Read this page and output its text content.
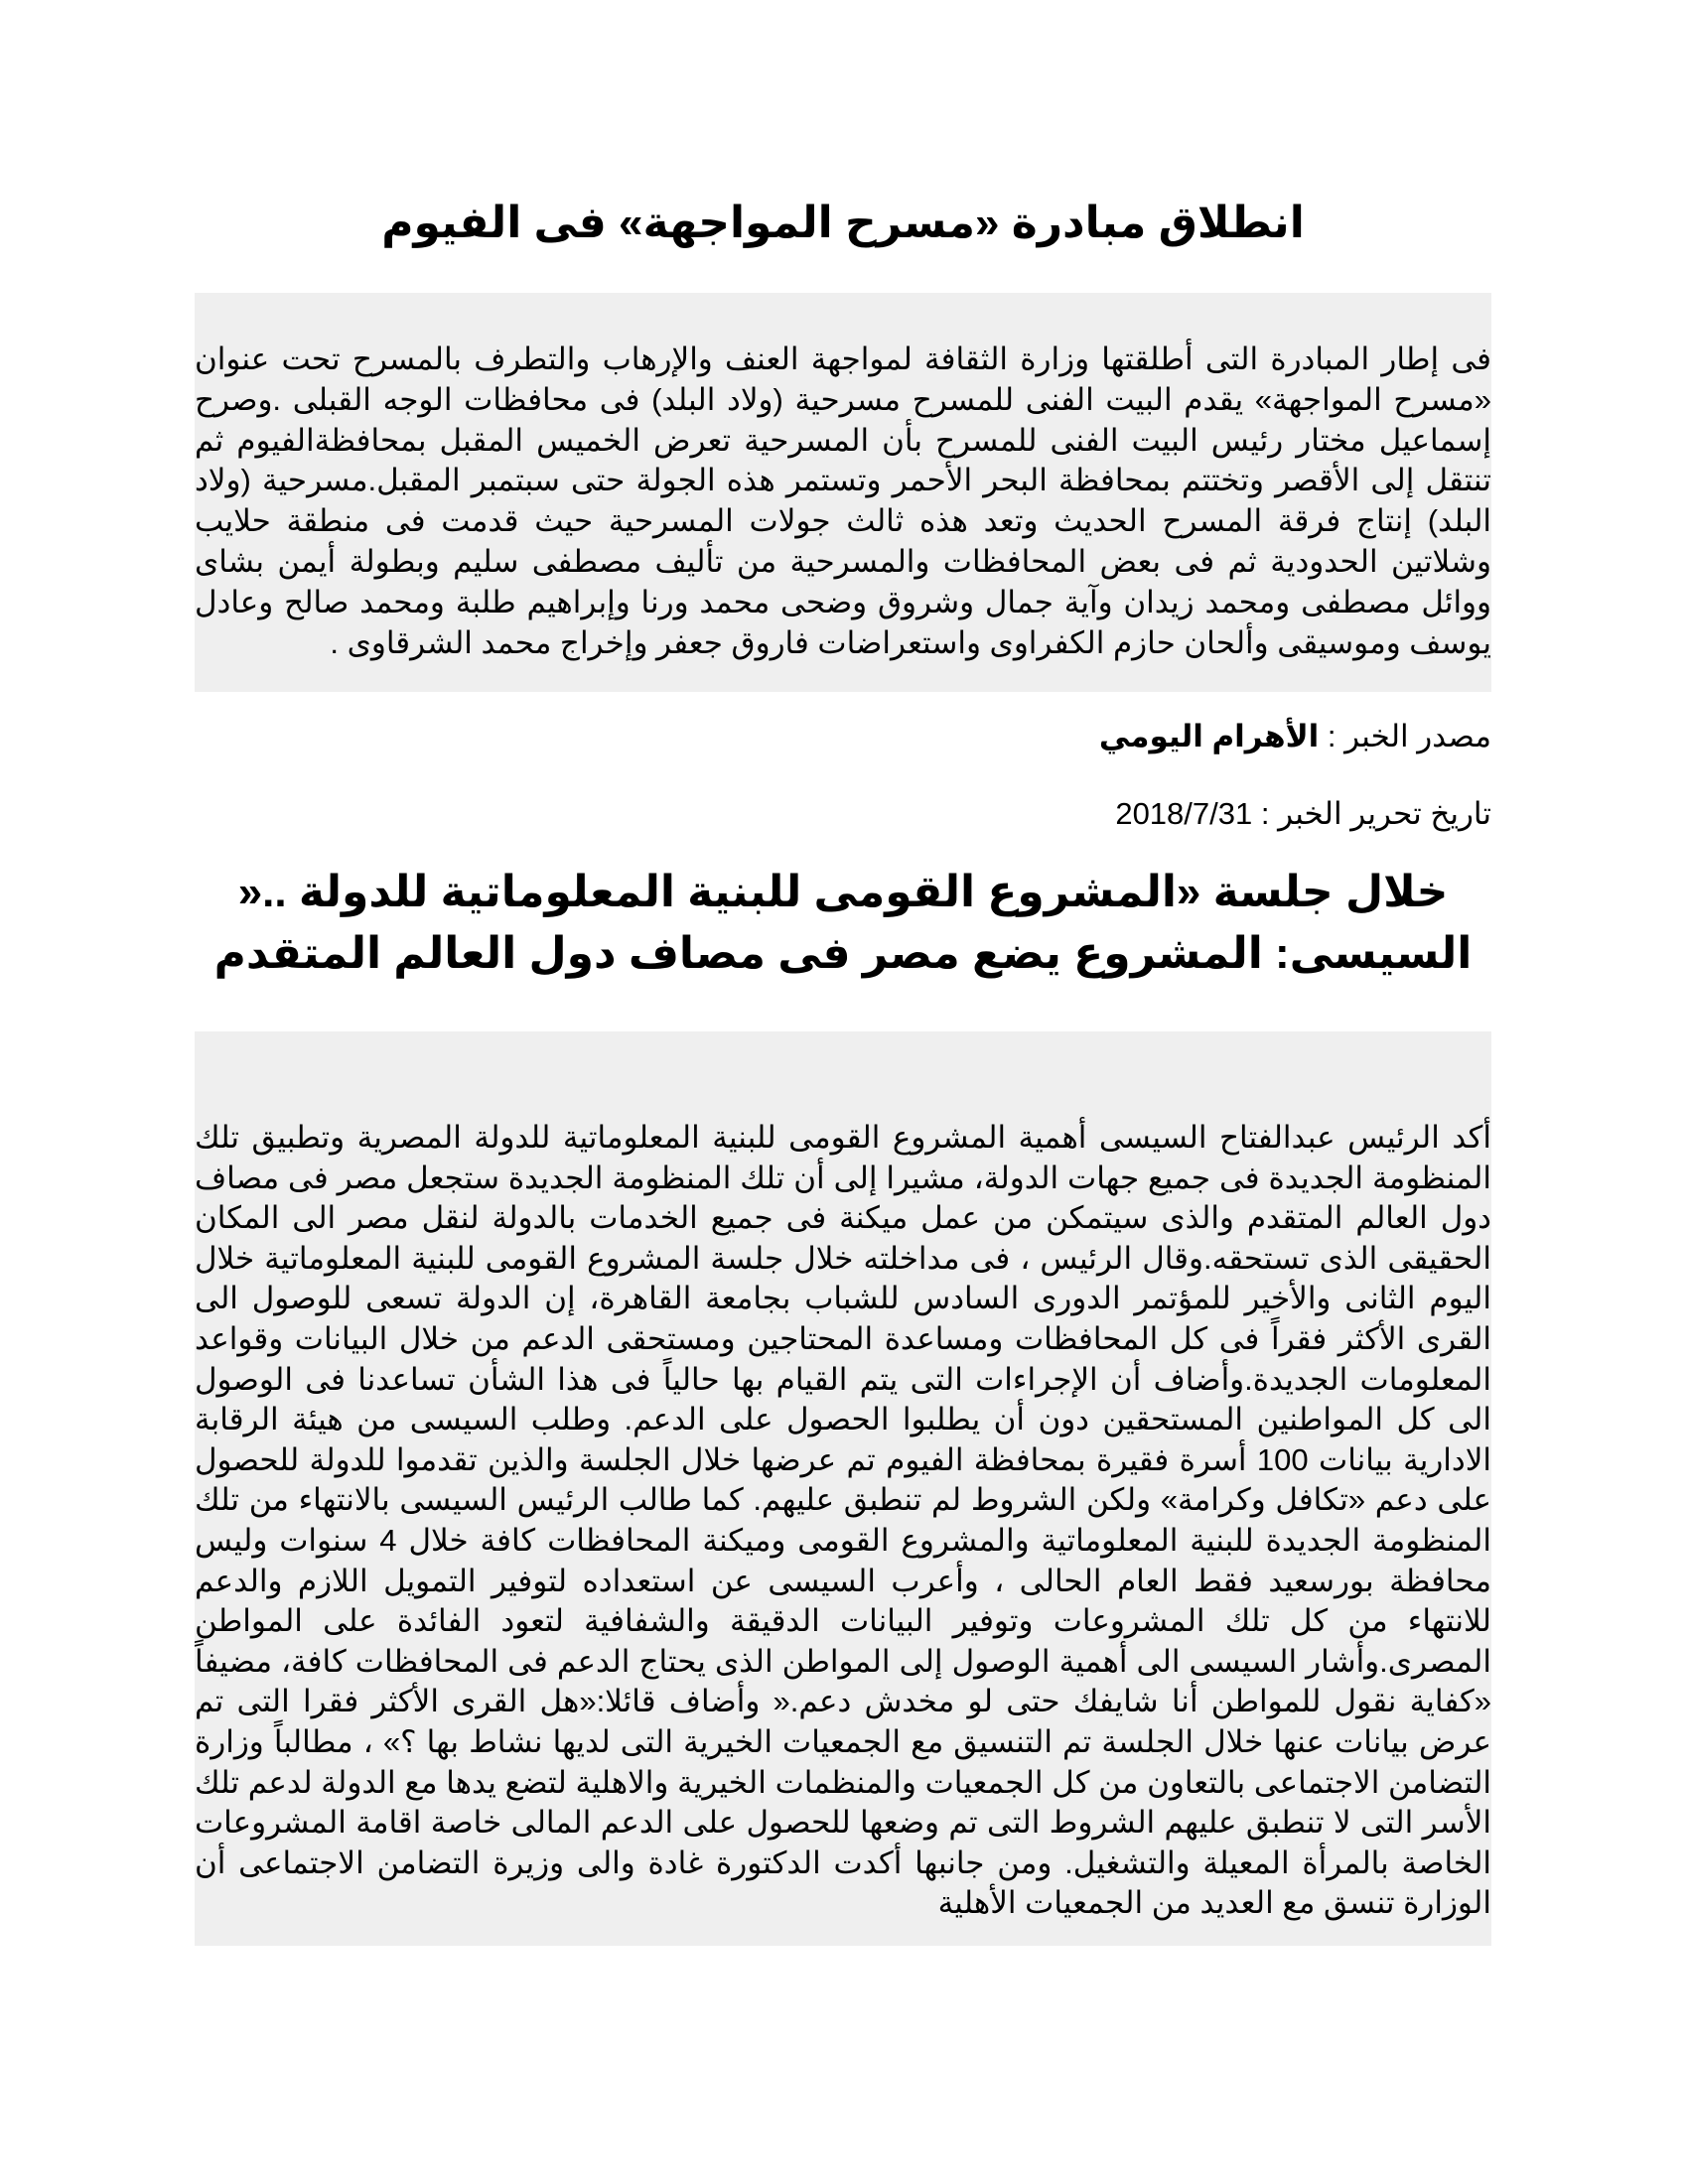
انطلاق مبادرة «مسرح المواجهة» فى الفيوم

فى إطار المبادرة التى أطلقتها وزارة الثقافة لمواجهة العنف والإرهاب والتطرف بالمسرح تحت عنوان «مسرح المواجهة» يقدم البيت الفنى للمسرح مسرحية (ولاد البلد) فى محافظات الوجه القبلى .وصرح إسماعيل مختار رئيس البيت الفنى للمسرح بأن المسرحية تعرض الخميس المقبل بمحافظةالفيوم ثم تنتقل إلى الأقصر وتختتم بمحافظة البحر الأحمر وتستمر هذه الجولة حتى سبتمبر المقبل.مسرحية (ولاد البلد) إنتاج فرقة المسرح الحديث وتعد هذه ثالث جولات المسرحية حيث قدمت فى منطقة حلايب وشلاتين الحدودية ثم فى بعض المحافظات والمسرحية من تأليف مصطفى سليم وبطولة أيمن بشاى ووائل مصطفى ومحمد زيدان وآية جمال وشروق وضحى محمد ورنا وإبراهيم طلبة ومحمد صالح وعادل يوسف وموسيقى وألحان حازم الكفراوى واستعراضات فاروق جعفر وإخراج محمد الشرقاوى .

مصدر الخبر : الأهرام اليومي

تاريخ تحرير الخبر : 2018/7/31

خلال جلسة «المشروع القومى للبنية المعلوماتية للدولة ..«
السيسى: المشروع يضع مصر فى مصاف دول العالم المتقدم

أكد الرئيس عبدالفتاح السيسى أهمية المشروع القومى للبنية المعلوماتية للدولة المصرية وتطبيق تلك المنظومة الجديدة فى جميع جهات الدولة، مشيرا إلى أن تلك المنظومة الجديدة ستجعل مصر فى مصاف دول العالم المتقدم والذى سيتمكن من عمل ميكنة فى جميع الخدمات بالدولة لنقل مصر الى المكان الحقيقى الذى تستحقه.وقال الرئيس ، فى مداخلته خلال جلسة المشروع القومى للبنية المعلوماتية خلال اليوم الثانى والأخير للمؤتمر الدورى السادس للشباب بجامعة القاهرة، إن الدولة تسعى للوصول الى القرى الأكثر فقراً فى كل المحافظات ومساعدة المحتاجين ومستحقى الدعم من خلال البيانات وقواعد المعلومات الجديدة.وأضاف أن الإجراءات التى يتم القيام بها حالياً فى هذا الشأن تساعدنا فى الوصول الى كل المواطنين المستحقين دون أن يطلبوا الحصول على الدعم. وطلب السيسى من هيئة الرقابة الادارية بيانات 100 أسرة فقيرة بمحافظة الفيوم تم عرضها خلال الجلسة والذين تقدموا للدولة للحصول على دعم «تكافل وكرامة» ولكن الشروط لم تنطبق عليهم. كما طالب الرئيس السيسى بالانتهاء من تلك المنظومة الجديدة للبنية المعلوماتية والمشروع القومى وميكنة المحافظات كافة خلال 4 سنوات وليس محافظة بورسعيد فقط العام الحالى ، وأعرب السيسى عن استعداده لتوفير التمويل اللازم والدعم للانتهاء من كل تلك المشروعات وتوفير البيانات الدقيقة والشفافية لتعود الفائدة على المواطن المصرى.وأشار السيسى الى أهمية الوصول إلى المواطن الذى يحتاج الدعم فى المحافظات كافة، مضيفاً «كفاية نقول للمواطن أنا شايفك حتى لو مخدش دعم.« وأضاف قائلا:«هل القرى الأكثر فقرا التى تم عرض بيانات عنها خلال الجلسة تم التنسيق مع الجمعيات الخيرية التى لديها نشاط بها ؟» ، مطالباً وزارة التضامن الاجتماعى بالتعاون من كل الجمعيات والمنظمات الخيرية والاهلية لتضع يدها مع الدولة لدعم تلك الأسر التى لا تنطبق عليهم الشروط التى تم وضعها للحصول على الدعم المالى خاصة اقامة المشروعات الخاصة بالمرأة المعيلة والتشغيل. ومن جانبها أكدت الدكتورة غادة والى وزيرة التضامن الاجتماعى أن الوزارة تنسق مع العديد من الجمعيات الأهلية
